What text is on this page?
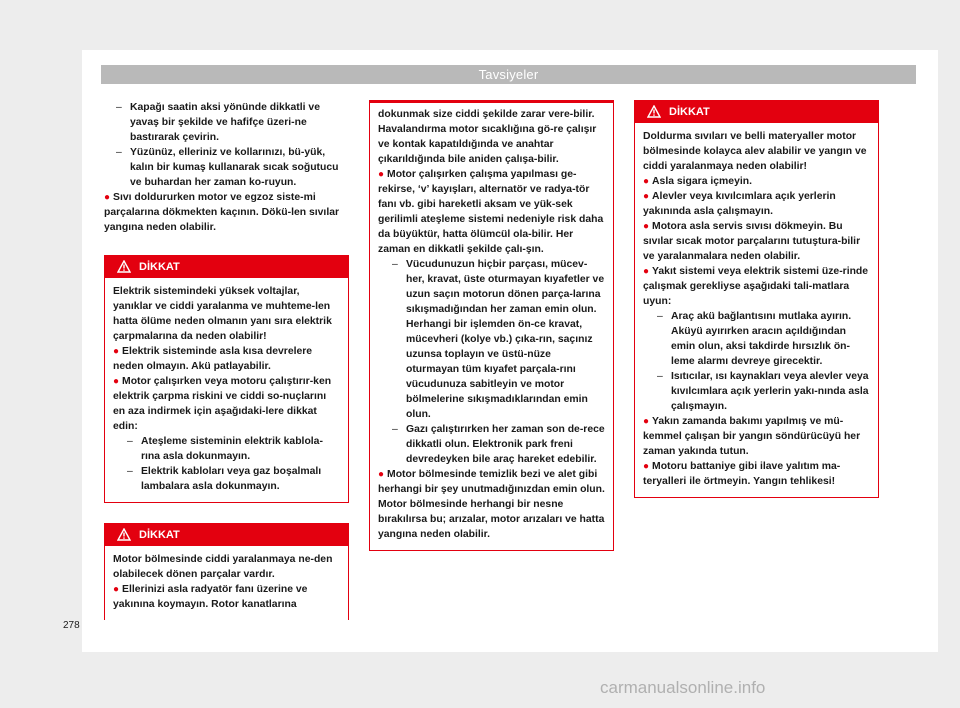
Tavsiyeler

– Kapağı saatin aksi yönünde dikkatli ve yavaş bir şekilde ve hafifçe üzeri-ne bastırarak çevirin.

– Yüzünüz, elleriniz ve kollarınızı, bü-yük, kalın bir kumaş kullanarak sıcak soğutucu ve buhardan her zaman ko-ruyun.

● Sıvı doldururken motor ve egzoz siste-mi parçalarına dökmekten kaçının. Dökü-len sıvılar yangına neden olabilir.

DİKKAT

Elektrik sistemindeki yüksek voltajlar, yanıklar ve ciddi yaralanma ve muhteme-len hatta ölüme neden olmanın yanı sıra elektrik çarpmalarına da neden olabilir!

● Elektrik sisteminde asla kısa devrelere neden olmayın. Akü patlayabilir.

● Motor çalışırken veya motoru çalıştırır-ken elektrik çarpma riskini ve ciddi so-nuçlarını en aza indirmek için aşağıdaki-lere dikkat edin:

– Ateşleme sisteminin elektrik kablola-rına asla dokunmayın.

– Elektrik kabloları veya gaz boşalmalı lambalara asla dokunmayın.

DİKKAT

Motor bölmesinde ciddi yaralanmaya ne-den olabilecek dönen parçalar vardır.

● Ellerinizi asla radyatör fanı üzerine ve yakınına koymayın. Rotor kanatlarına

dokunmak size ciddi şekilde zarar vere-bilir. Havalandırma motor sıcaklığına gö-re çalışır ve kontak kapatıldığında ve anahtar çıkarıldığında bile aniden çalışa-bilir.

● Motor çalışırken çalışma yapılması ge-rekirse, ‘v’ kayışları, alternatör ve radya-tör fanı vb. gibi hareketli aksam ve yük-sek gerilimli ateşleme sistemi nedeniyle risk daha da büyüktür, hatta ölümcül ola-bilir. Her zaman en dikkatli şekilde çalı-şın.

– Vücudunuzun hiçbir parçası, mücev-her, kravat, üste oturmayan kıyafetler ve uzun saçın motorun dönen parça-larına sıkışmadığından her zaman emin olun. Herhangi bir işlemden ön-ce kravat, mücevheri (kolye vb.) çıka-rın, saçınız uzunsa toplayın ve üstü-nüze oturmayan tüm kıyafet parçala-rını vücudunuza sabitleyin ve motor bölmelerine sıkışmadıklarından emin olun.

– Gazı çalıştırırken her zaman son de-rece dikkatli olun. Elektronik park freni devredeyken bile araç hareket edebilir.

● Motor bölmesinde temizlik bezi ve alet gibi herhangi bir şey unutmadığınızdan emin olun. Motor bölmesinde herhangi bir nesne bırakılırsa bu; arızalar, motor arızaları ve hatta yangına neden olabilir.

DİKKAT

Doldurma sıvıları ve belli materyaller motor bölmesinde kolayca alev alabilir ve yangın ve ciddi yaralanmaya neden olabilir!

● Asla sigara içmeyin.

● Alevler veya kıvılcımlara açık yerlerin yakınında asla çalışmayın.

● Motora asla servis sıvısı dökmeyin. Bu sıvılar sıcak motor parçalarını tutuştura-bilir ve yaralanmalara neden olabilir.

● Yakıt sistemi veya elektrik sistemi üze-rinde çalışmak gerekliyse aşağıdaki tali-matlara uyun:

– Araç akü bağlantısını mutlaka ayırın. Aküyü ayırırken aracın açıldığından emin olun, aksi takdirde hırsızlık ön-leme alarmı devreye girecektir.

– Isıtıcılar, ısı kaynakları veya alevler veya kıvılcımlara açık yerlerin yakı-nında asla çalışmayın.

● Yakın zamanda bakımı yapılmış ve mü-kemmel çalışan bir yangın söndürücüyü her zaman yakında tutun.

● Motoru battaniye gibi ilave yalıtım ma-teryalleri ile örtmeyin. Yangın tehlikesi!

278
carmanualsonline.info
